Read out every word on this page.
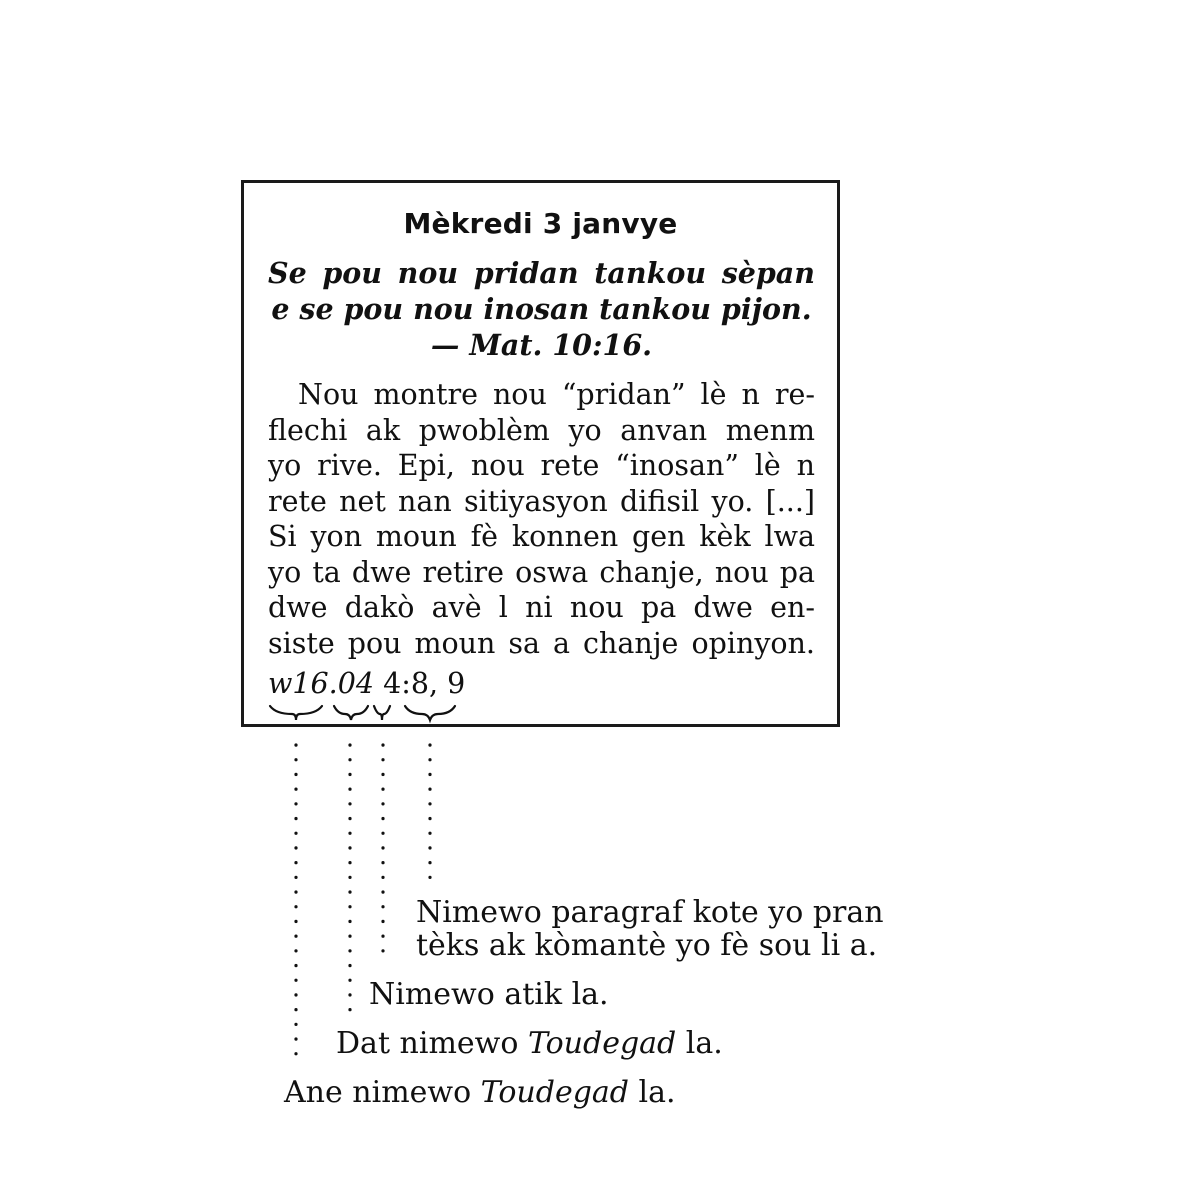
Mèkredi 3 janvye
Se pou nou pridan tankou sèpan
e se pou nou inosan tankou pijon.
— Mat. 10:16.
Nou montre nou “pridan” lè n re-
flechi ak pwoblèm yo anvan menm
yo rive. Epi, nou rete “inosan” lè n
rete net nan sitiyasyon difisil yo. [...]
Si yon moun fè konnen gen kèk lwa
yo ta dwe retire oswa chanje, nou pa
dwe dakò avè l ni nou pa dwe en-
siste pou moun sa a chanje opinyon.
w16.04 4:8, 9
Nimewo paragraf kote yo pran
tèks ak kòmantè yo fè sou li a.
Nimewo atik la.
Dat nimewo Toudegad la.
Ane nimewo Toudegad la.
